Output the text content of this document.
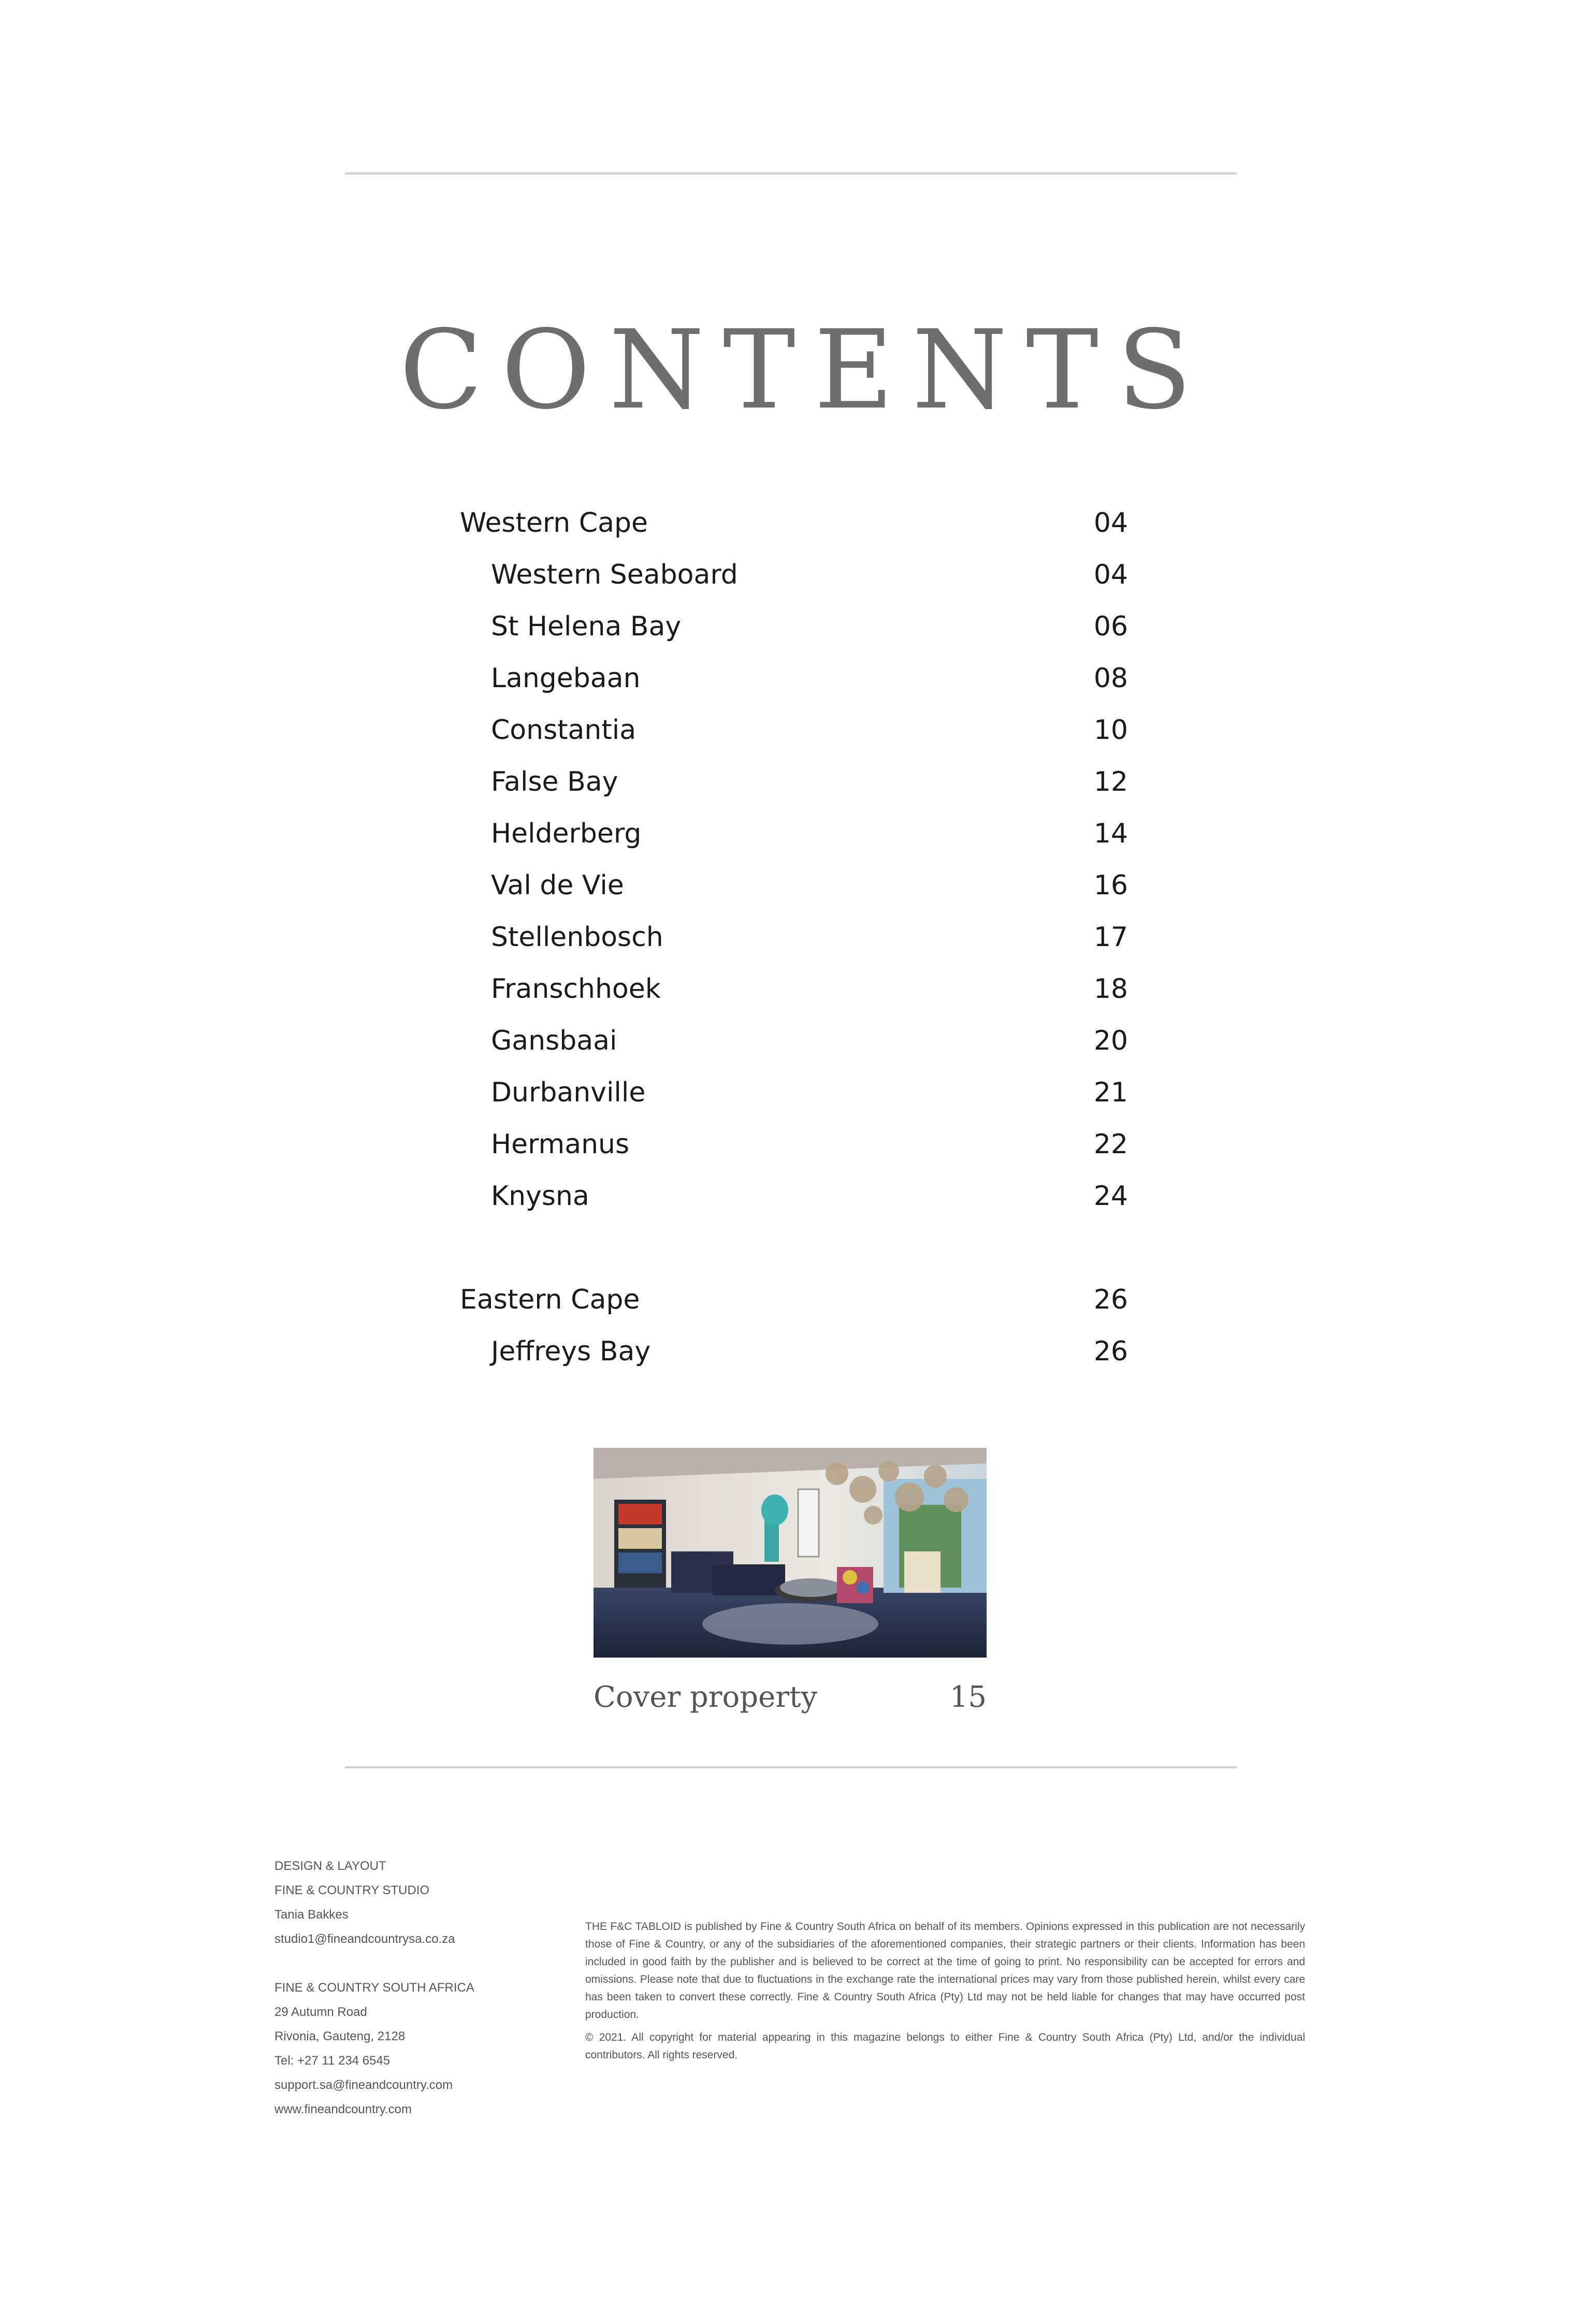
CONTENTS
Western Cape	04
Western Seaboard	04
St Helena Bay	06
Langebaan	08
Constantia	10
False Bay	12
Helderberg	14
Val de Vie	16
Stellenbosch	17
Franschhoek	18
Gansbaai	20
Durbanville	21
Hermanus	22
Knysna	24
Eastern Cape	26
Jeffreys Bay	26
Cover property	15
DESIGN & LAYOUT
FINE & COUNTRY STUDIO
Tania Bakkes
studio1@fineandcountrysa.co.za
FINE & COUNTRY SOUTH AFRICA
29 Autumn Road
Rivonia, Gauteng, 2128
Tel: +27 11 234 6545
support.sa@fineandcountry.com
www.fineandcountry.com

THE F&C TABLOID is published by Fine & Country South Africa on behalf of its members. Opinions expressed in this publication are not necessarily those of Fine & Country, or any of the subsidiaries of the aforementioned companies, their strategic partners or their clients. Information has been included in good faith by the publisher and is believed to be correct at the time of going to print. No responsibility can be accepted for errors and omissions. Please note that due to fluctuations in the exchange rate the international prices may vary from those published herein, whilst every care has been taken to convert these correctly. Fine & Country South Africa (Pty) Ltd may not be held liable for changes that may have occurred post production.

© 2021. All copyright for material appearing in this magazine belongs to either Fine & Country South Africa (Pty) Ltd, and/or the individual contributors. All rights reserved.
